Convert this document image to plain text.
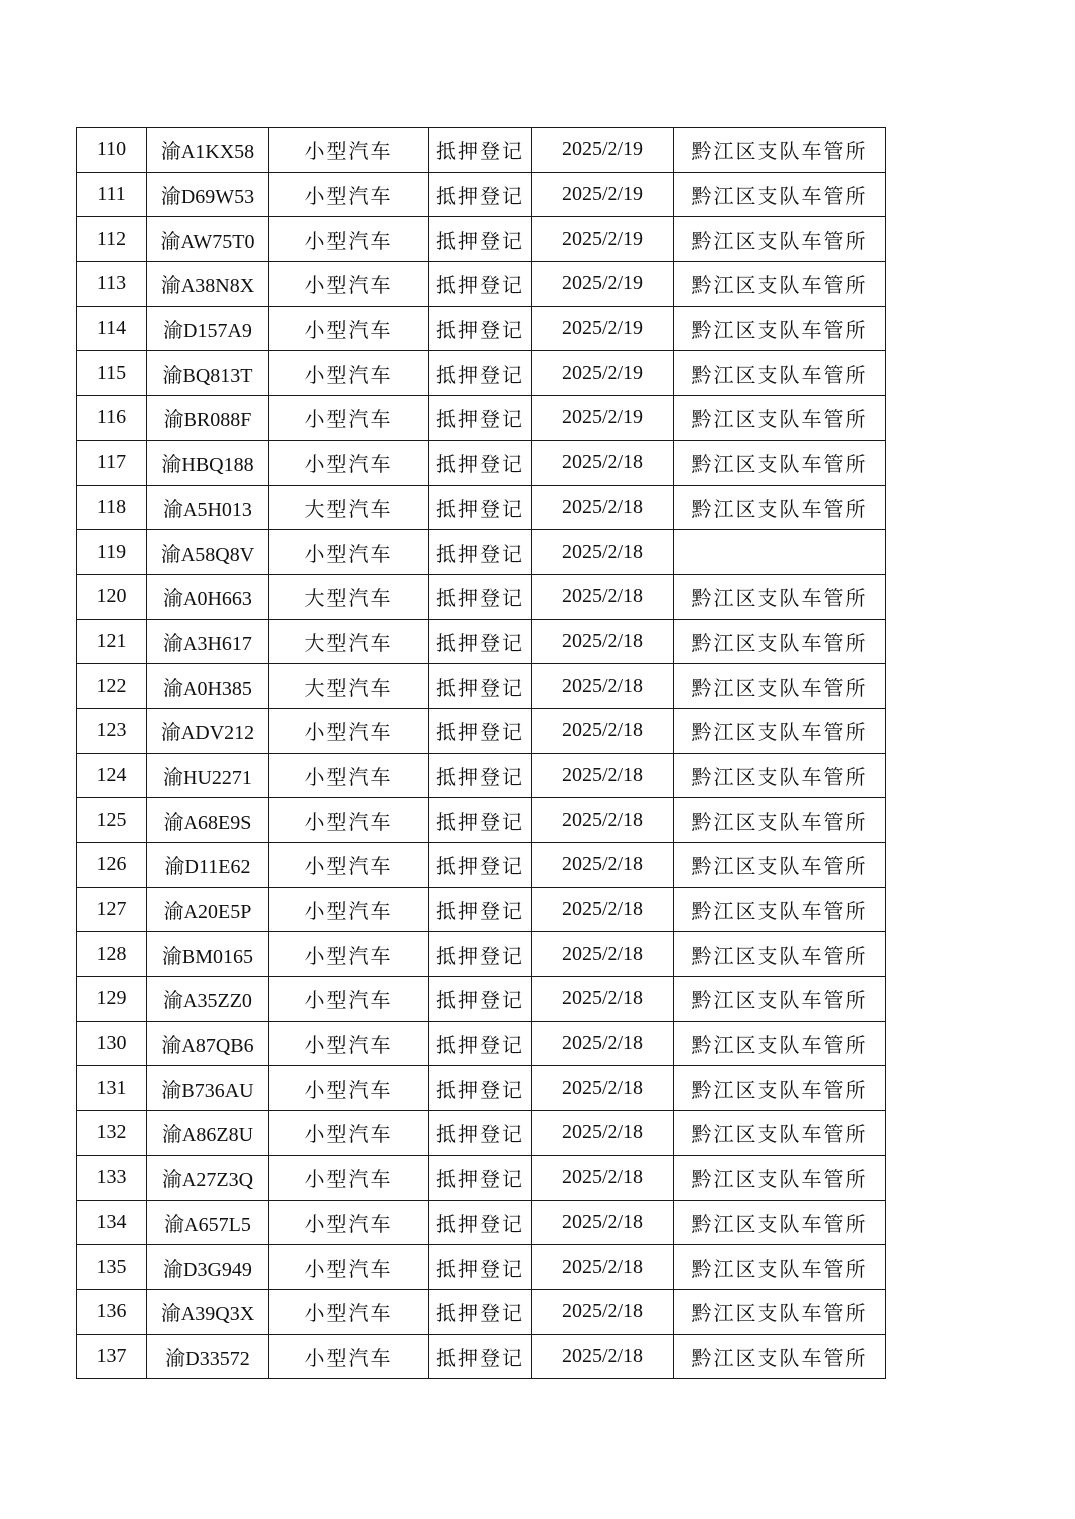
110	渝A1KX58	小型汽车	抵押登记	2025/2/19	黔江区支队车管所
111	渝D69W53	小型汽车	抵押登记	2025/2/19	黔江区支队车管所
112	渝AW75T0	小型汽车	抵押登记	2025/2/19	黔江区支队车管所
113	渝A38N8X	小型汽车	抵押登记	2025/2/19	黔江区支队车管所
114	渝D157A9	小型汽车	抵押登记	2025/2/19	黔江区支队车管所
115	渝BQ813T	小型汽车	抵押登记	2025/2/19	黔江区支队车管所
116	渝BR088F	小型汽车	抵押登记	2025/2/19	黔江区支队车管所
117	渝HBQ188	小型汽车	抵押登记	2025/2/18	黔江区支队车管所
118	渝A5H013	大型汽车	抵押登记	2025/2/18	黔江区支队车管所
119	渝A58Q8V	小型汽车	抵押登记	2025/2/18	
120	渝A0H663	大型汽车	抵押登记	2025/2/18	黔江区支队车管所
121	渝A3H617	大型汽车	抵押登记	2025/2/18	黔江区支队车管所
122	渝A0H385	大型汽车	抵押登记	2025/2/18	黔江区支队车管所
123	渝ADV212	小型汽车	抵押登记	2025/2/18	黔江区支队车管所
124	渝HU2271	小型汽车	抵押登记	2025/2/18	黔江区支队车管所
125	渝A68E9S	小型汽车	抵押登记	2025/2/18	黔江区支队车管所
126	渝D11E62	小型汽车	抵押登记	2025/2/18	黔江区支队车管所
127	渝A20E5P	小型汽车	抵押登记	2025/2/18	黔江区支队车管所
128	渝BM0165	小型汽车	抵押登记	2025/2/18	黔江区支队车管所
129	渝A35ZZ0	小型汽车	抵押登记	2025/2/18	黔江区支队车管所
130	渝A87QB6	小型汽车	抵押登记	2025/2/18	黔江区支队车管所
131	渝B736AU	小型汽车	抵押登记	2025/2/18	黔江区支队车管所
132	渝A86Z8U	小型汽车	抵押登记	2025/2/18	黔江区支队车管所
133	渝A27Z3Q	小型汽车	抵押登记	2025/2/18	黔江区支队车管所
134	渝A657L5	小型汽车	抵押登记	2025/2/18	黔江区支队车管所
135	渝D3G949	小型汽车	抵押登记	2025/2/18	黔江区支队车管所
136	渝A39Q3X	小型汽车	抵押登记	2025/2/18	黔江区支队车管所
137	渝D33572	小型汽车	抵押登记	2025/2/18	黔江区支队车管所
